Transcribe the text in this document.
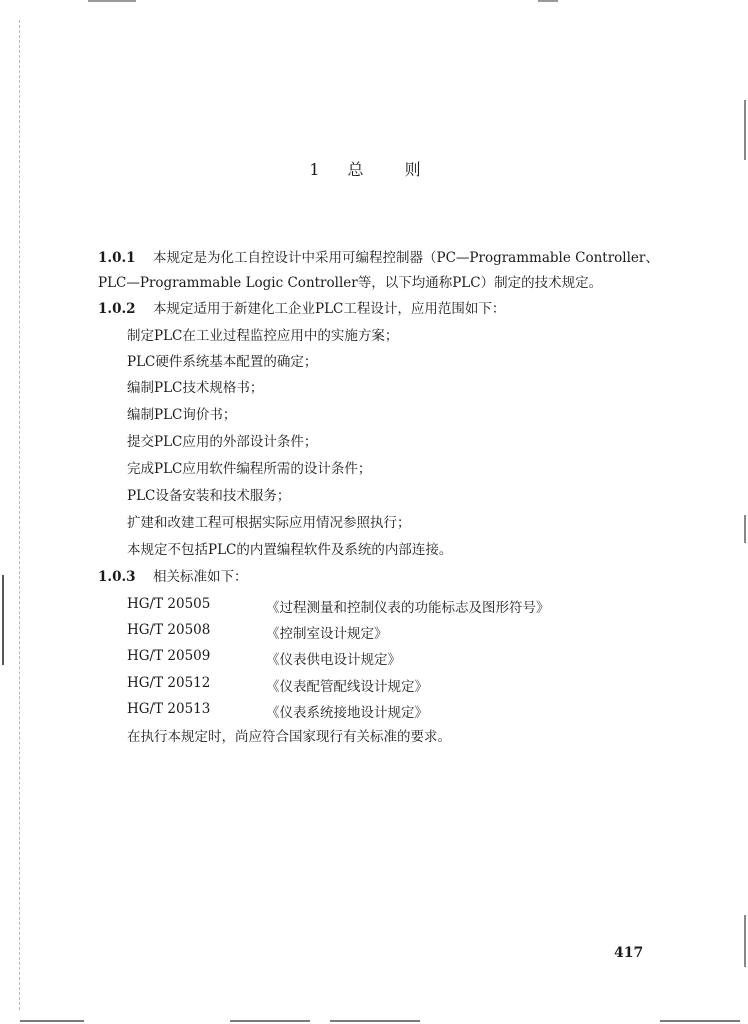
1 总 则
1.0.1 本规定是为化工自控设计中采用可编程控制器（PC—Programmable Controller、
PLC—Programmable Logic Controller等，以下均通称PLC）制定的技术规定。
1.0.2 本规定适用于新建化工企业PLC工程设计，应用范围如下：
制定PLC在工业过程监控应用中的实施方案；
PLC硬件系统基本配置的确定；
编制PLC技术规格书；
编制PLC询价书；
提交PLC应用的外部设计条件；
完成PLC应用软件编程所需的设计条件；
PLC设备安装和技术服务；
扩建和改建工程可根据实际应用情况参照执行；
本规定不包括PLC的内置编程软件及系统的内部连接。
1.0.3 相关标准如下：
HG/T 20505	《过程测量和控制仪表的功能标志及图形符号》
HG/T 20508	《控制室设计规定》
HG/T 20509	《仪表供电设计规定》
HG/T 20512	《仪表配管配线设计规定》
HG/T 20513	《仪表系统接地设计规定》
在执行本规定时，尚应符合国家现行有关标准的要求。
417
